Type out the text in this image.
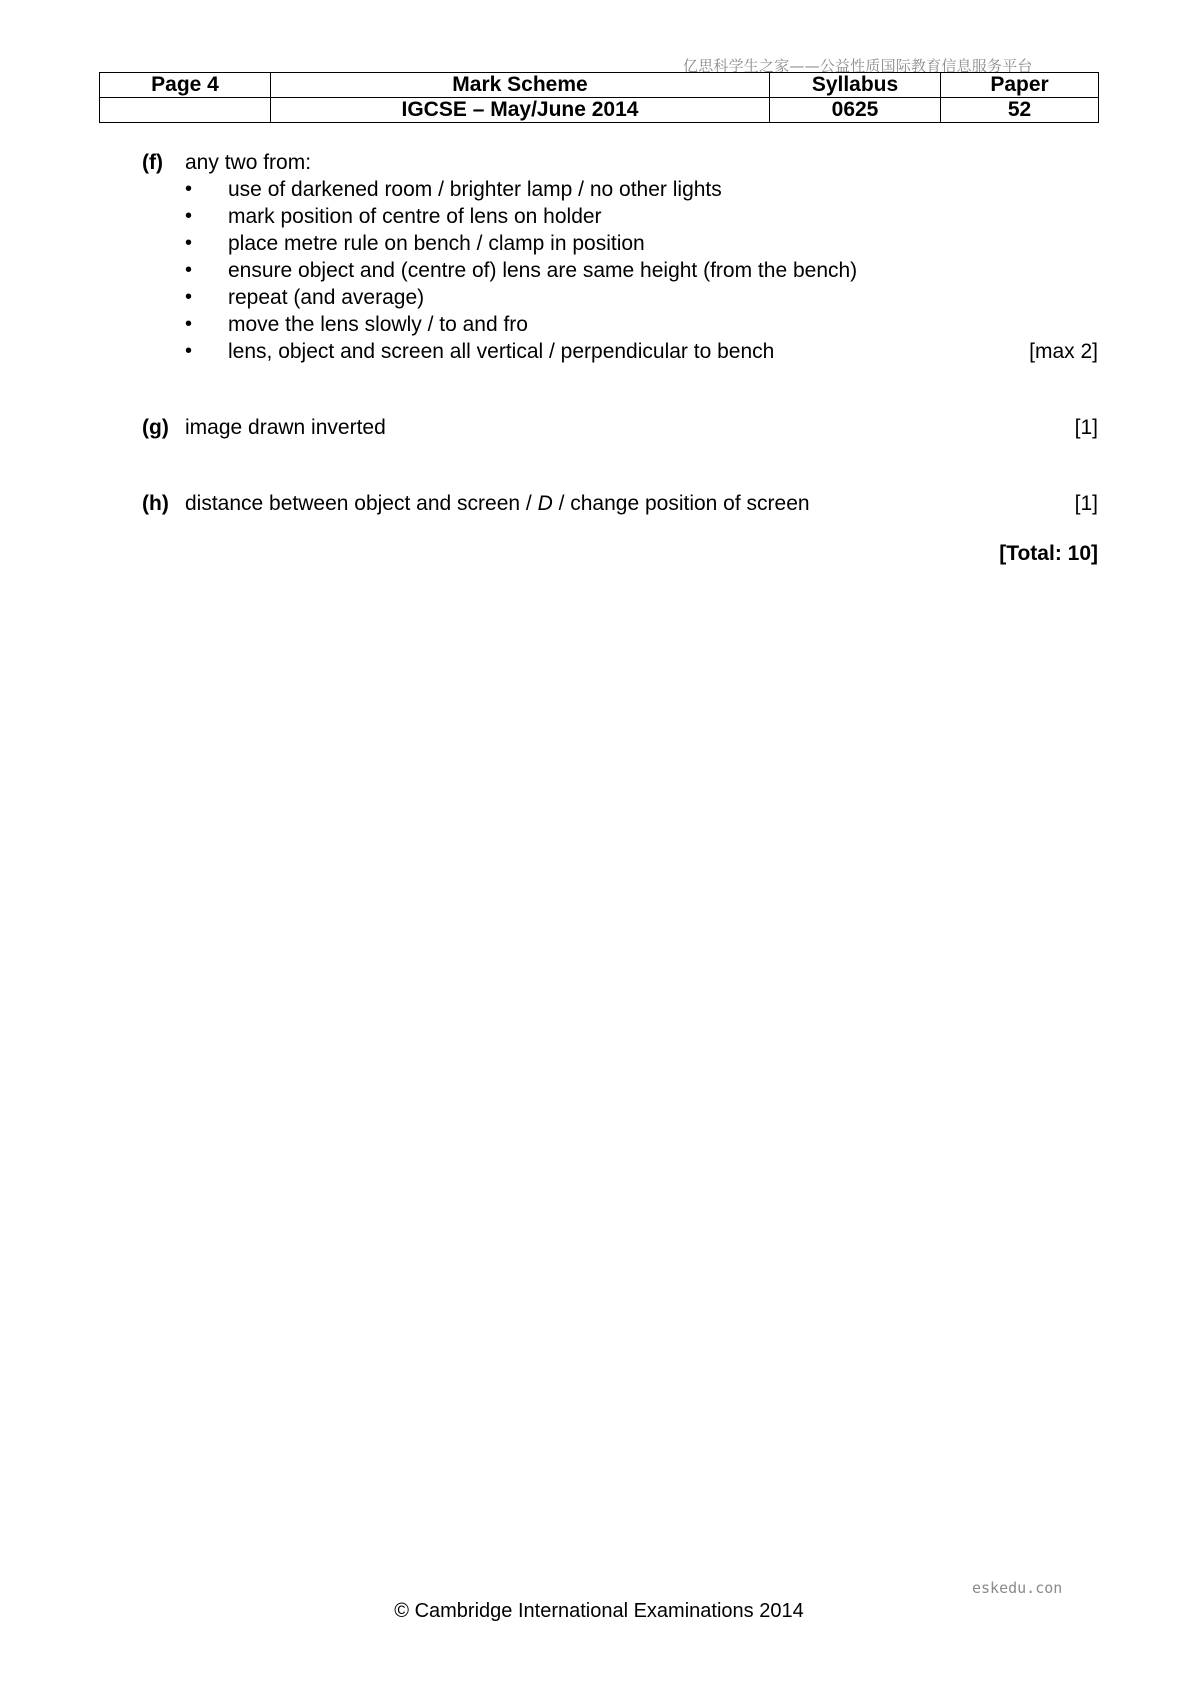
亿思科学生之家——公益性质国际教育信息服务平台
Page 4	Mark Scheme	Syllabus	Paper
	IGCSE – May/June 2014	0625	52
(f) any two from:
• use of darkened room / brighter lamp / no other lights
• mark position of centre of lens on holder
• place metre rule on bench / clamp in position
• ensure object and (centre of) lens are same height (from the bench)
• repeat (and average)
• move the lens slowly / to and fro
• lens, object and screen all vertical / perpendicular to bench	[max 2]
(g) image drawn inverted	[1]
(h) distance between object and screen / D / change position of screen	[1]
[Total: 10]
eskedu.con
© Cambridge International Examinations 2014
